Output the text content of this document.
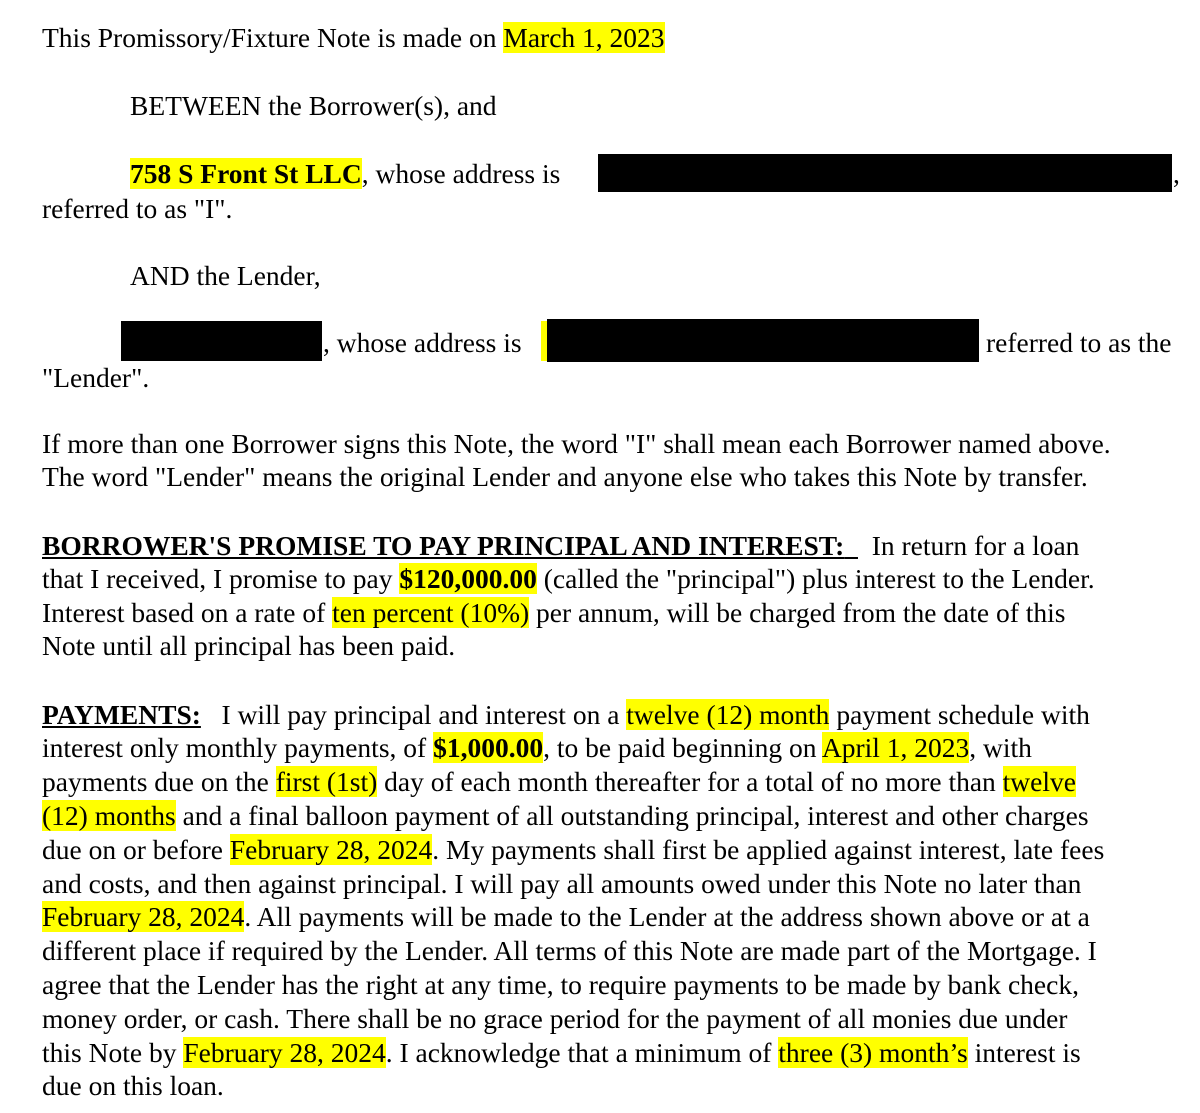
This Promissory/Fixture Note is made on March 1, 2023
BETWEEN the Borrower(s), and
758 S Front St LLC, whose address is	,
referred to as "I".
AND the Lender,
, whose address is	referred to as the
"Lender".
If more than one Borrower signs this Note, the word "I" shall mean each Borrower named above.
The word "Lender" means the original Lender and anyone else who takes this Note by transfer.
BORROWER'S PROMISE TO PAY PRINCIPAL AND INTEREST: In return for a loan
that I received, I promise to pay $120,000.00 (called the "principal") plus interest to the Lender.
Interest based on a rate of ten percent (10%) per annum, will be charged from the date of this
Note until all principal has been paid.
PAYMENTS: I will pay principal and interest on a twelve (12) month payment schedule with
interest only monthly payments, of $1,000.00, to be paid beginning on April 1, 2023, with
payments due on the first (1st) day of each month thereafter for a total of no more than twelve
(12) months and a final balloon payment of all outstanding principal, interest and other charges
due on or before February 28, 2024. My payments shall first be applied against interest, late fees
and costs, and then against principal. I will pay all amounts owed under this Note no later than
February 28, 2024. All payments will be made to the Lender at the address shown above or at a
different place if required by the Lender. All terms of this Note are made part of the Mortgage. I
agree that the Lender has the right at any time, to require payments to be made by bank check,
money order, or cash. There shall be no grace period for the payment of all monies due under
this Note by February 28, 2024. I acknowledge that a minimum of three (3) month’s interest is
due on this loan.
